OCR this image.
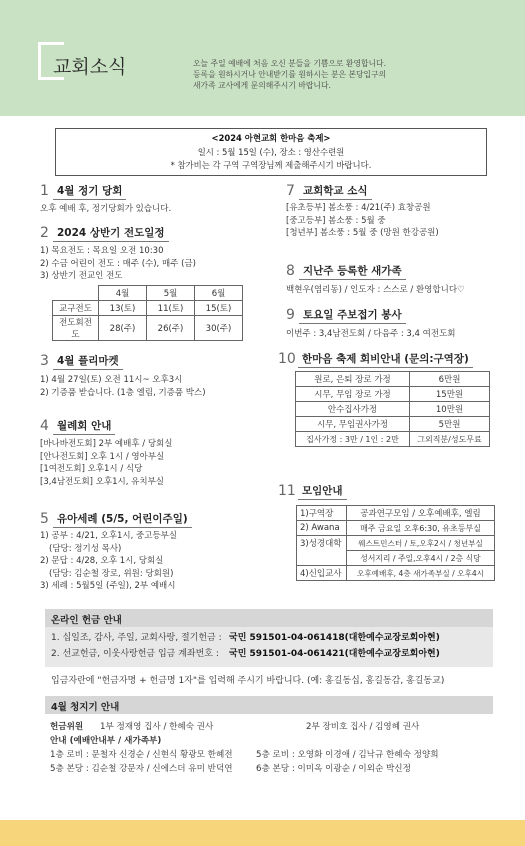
교회소식	오늘 주일 예배에 처음 오신 분들을 기쁨으로 환영합니다.
등록을 원하시거나 안내받기를 원하시는 분은 본당입구의
새가족 교사에게 문의해주시기 바랍니다.
<2024 아현교회 한마음 축제>
일시 : 5월 15일 (수), 장소 : 영산수련원
* 참가비는 각 구역 구역장님께 제출해주시기 바랍니다.
1 4월 정기 당회
오후 예배 후, 정기당회가 있습니다.
2 2024 상반기 전도일정
1) 목요전도 : 목요일 오전 10:30
2) 수금 어린이 전도 : 매주 (수), 매주 (금)
3) 상반기 전교인 전도
	4월	5월	6월
교구전도	13(토)	11(토)	15(토)
전도회전도	28(주)	26(주)	30(주)
3 4월 플리마켓
1) 4월 27일(토) 오전 11시~ 오후3시
2) 기증품 받습니다. (1층 엘림, 기증품 박스)
4 월례회 안내
[바나바전도회] 2부 예배후 / 당회실
[안나전도회] 오후 1시 / 영아부실
[1여전도회] 오후1시 / 식당
[3,4남전도회] 오후1시, 유치부실
5 유아세례 (5/5, 어린이주일)
1) 공부 : 4/21, 오후1시, 중고등부실
(담당: 정기성 목사)
2) 문답 : 4/28, 오후 1시, 당회실
(담당: 김순철 장로, 위원: 당회원)
3) 세례 : 5월5일 (주일), 2부 예배시
7 교회학교 소식
[유초등부] 봄소풍 : 4/21(주) 효창공원
[중고등부] 봄소풍 : 5월 중
[청년부] 봄소풍 : 5월 중 (망원 한강공원)
8 지난주 등록한 새가족
백현우(염리동) / 인도자 : 스스로 / 환영합니다♡
9 토요일 주보접기 봉사
이번주 : 3,4남전도회 / 다음주 : 3,4 여전도회
10 한마음 축제 회비안내 (문의:구역장)
원로, 은퇴 장로 가정	6만원
시무, 무임 장로 가정	15만원
안수집사가정	10만원
시무, 무임권사가정	5만원
집사가정 : 3만 / 1인 : 2만	그외직분/성도무료
11 모임안내
1)구역장	공과연구모임 / 오후예배후, 엘림
2) Awana	매주 금요일 오후6:30, 유초등부실
3)성경대학	웨스트민스터 / 토,오후2시 / 청년부실
	성서지리 / 주일,오후4시 / 2층 식당
4)신입교사	오후예배후, 4층 새가족부실 / 오후4시
온라인 헌금 안내
1. 십일조, 감사, 주일, 교회사랑, 절기헌금 : 국민 591501-04-061418(대한예수교장로회아현)
2. 선교헌금, 이웃사랑헌금 입금 계좌번호 :	국민 591501-04-061421(대한예수교장로회아현)
입금자란에 "헌금자명 + 헌금명 1자"를 입력해 주시기 바랍니다. (예: 홍길동십, 홍길동감, 홍길동교)
4월 청지기 안내
헌금위원	1부 정재영 집사 / 한혜숙 권사	2부 장비호 집사 / 김영혜 권사
안내 (예배안내부 / 새가족부)
1층 로비 : 문철자 신경순 / 신현식 황광모 한혜전	5층 로비 : 오영화 이경애 / 김낙규 한혜숙 정양희
5층 본당 : 김순철 강문자 / 신에스더 유미 반덕연	6층 본당 : 이미옥 이광순 / 이외순 박신정
